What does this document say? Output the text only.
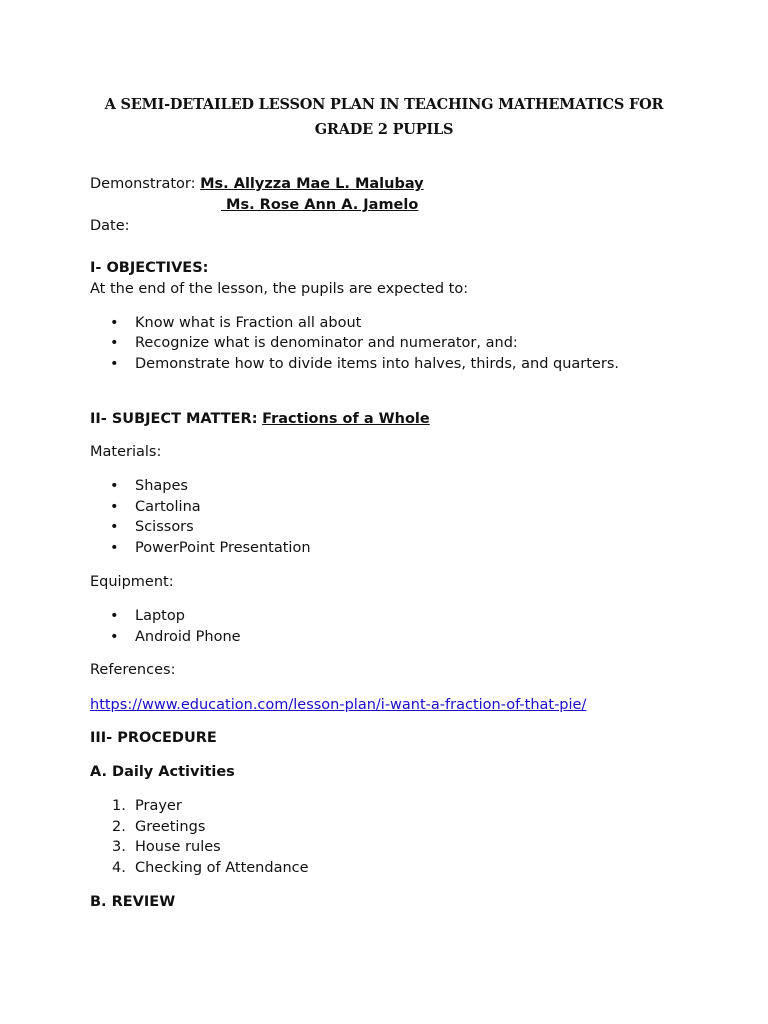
A SEMI-DETAILED LESSON PLAN IN TEACHING MATHEMATICS FOR
GRADE 2 PUPILS
Demonstrator: Ms. Allyzza Mae L. Malubay
Ms. Rose Ann A. Jamelo
Date:
I- OBJECTIVES:
At the end of the lesson, the pupils are expected to:
• Know what is Fraction all about
• Recognize what is denominator and numerator, and:
• Demonstrate how to divide items into halves, thirds, and quarters.
II- SUBJECT MATTER: Fractions of a Whole
Materials:
• Shapes
• Cartolina
• Scissors
• PowerPoint Presentation
Equipment:
• Laptop
• Android Phone
References:
https://www.education.com/lesson-plan/i-want-a-fraction-of-that-pie/
III- PROCEDURE
A. Daily Activities
1. Prayer
2. Greetings
3. House rules
4. Checking of Attendance
B. REVIEW
